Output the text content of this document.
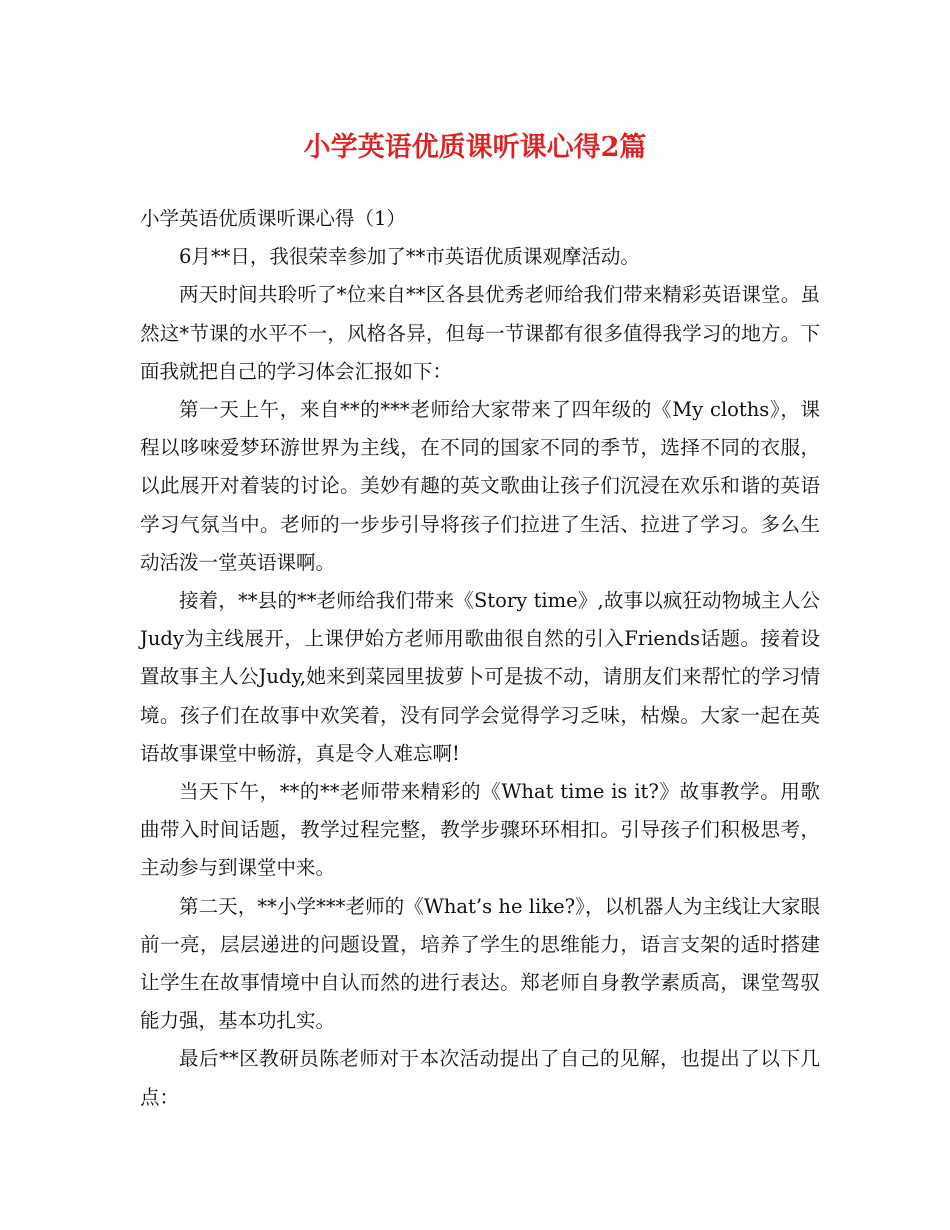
小学英语优质课听课心得2篇

小学英语优质课听课心得（1）

6月**日，我很荣幸参加了**市英语优质课观摩活动。

两天时间共聆听了*位来自**区各县优秀老师给我们带来精彩英语课堂。虽然这*节课的水平不一，风格各异，但每一节课都有很多值得我学习的地方。下面我就把自己的学习体会汇报如下：

第一天上午，来自**的***老师给大家带来了四年级的《My cloths》，课程以哆唻爱梦环游世界为主线，在不同的国家不同的季节，选择不同的衣服，以此展开对着装的讨论。美妙有趣的英文歌曲让孩子们沉浸在欢乐和谐的英语学习气氛当中。老师的一步步引导将孩子们拉进了生活、拉进了学习。多么生动活泼一堂英语课啊。

接着，**县的**老师给我们带来《Story time》,故事以疯狂动物城主人公Judy为主线展开，上课伊始方老师用歌曲很自然的引入Friends话题。接着设置故事主人公Judy,她来到菜园里拔萝卜可是拔不动，请朋友们来帮忙的学习情境。孩子们在故事中欢笑着，没有同学会觉得学习乏味，枯燥。大家一起在英语故事课堂中畅游，真是令人难忘啊!

当天下午，**的**老师带来精彩的《What time is it?》故事教学。用歌曲带入时间话题，教学过程完整，教学步骤环环相扣。引导孩子们积极思考，主动参与到课堂中来。

第二天，**小学***老师的《What’s he like?》，以机器人为主线让大家眼前一亮，层层递进的问题设置，培养了学生的思维能力，语言支架的适时搭建让学生在故事情境中自认而然的进行表达。郑老师自身教学素质高，课堂驾驭能力强，基本功扎实。

最后**区教研员陈老师对于本次活动提出了自己的见解，也提出了以下几点：
